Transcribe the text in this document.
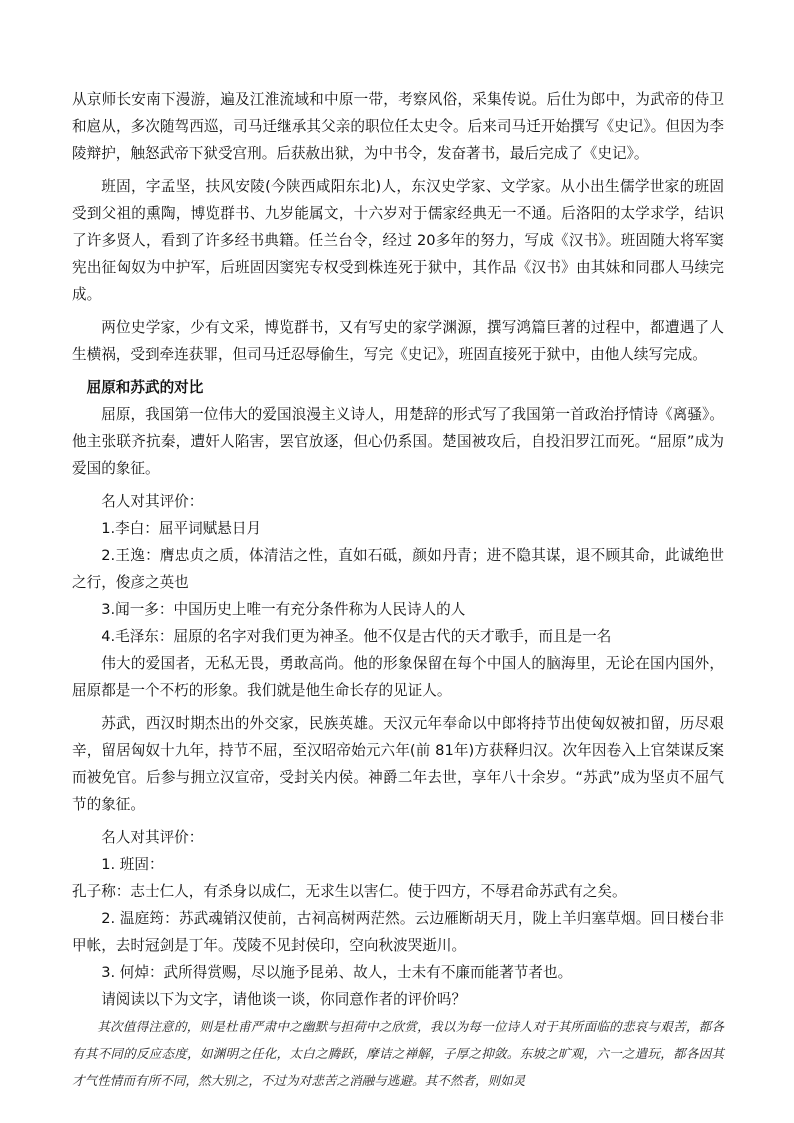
从京师长安南下漫游，遍及江淮流域和中原一带，考察风俗，采集传说。后仕为郎中，为武帝的侍卫和扈从，多次随驾西巡，司马迁继承其父亲的职位任太史令。后来司马迁开始撰写《史记》。但因为李陵辩护，触怒武帝下狱受宫刑。后获赦出狱，为中书令，发奋著书，最后完成了《史记》。

班固，字孟坚，扶风安陵(今陕西咸阳东北)人，东汉史学家、文学家。从小出生儒学世家的班固受到父祖的熏陶，博览群书、九岁能属文，十六岁对于儒家经典无一不通。后洛阳的太学求学，结识了许多贤人，看到了许多经书典籍。任兰台令，经过 20多年的努力，写成《汉书》。班固随大将军窦宪出征匈奴为中护军，后班固因窦宪专权受到株连死于狱中，其作品《汉书》由其妹和同郡人马续完成。

两位史学家，少有文采，博览群书，又有写史的家学渊源，撰写鸿篇巨著的过程中，都遭遇了人生横祸，受到牵连获罪，但司马迁忍辱偷生，写完《史记》，班固直接死于狱中，由他人续写完成。

屈原和苏武的对比

屈原，我国第一位伟大的爱国浪漫主义诗人，用楚辞的形式写了我国第一首政治抒情诗《离骚》。他主张联齐抗秦，遭奸人陷害，罢官放逐，但心仍系国。楚国被攻后，自投汨罗江而死。“屈原”成为爱国的象征。

名人对其评价：

1.李白：屈平词赋悬日月

2.王逸：膺忠贞之质，体清洁之性，直如石砥，颜如丹青；进不隐其谋，退不顾其命，此诚绝世之行，俊彦之英也

3.闻一多：中国历史上唯一有充分条件称为人民诗人的人

4.毛泽东：屈原的名字对我们更为神圣。他不仅是古代的天才歌手，而且是一名

伟大的爱国者，无私无畏，勇敢高尚。他的形象保留在每个中国人的脑海里，无论在国内国外，屈原都是一个不朽的形象。我们就是他生命长存的见证人。

苏武，西汉时期杰出的外交家，民族英雄。天汉元年奉命以中郎将持节出使匈奴被扣留，历尽艰辛，留居匈奴十九年，持节不屈，至汉昭帝始元六年(前 81年)方获释归汉。次年因卷入上官桀谋反案而被免官。后参与拥立汉宣帝，受封关内侯。神爵二年去世，享年八十余岁。“苏武”成为坚贞不屈气节的象征。

名人对其评价：

1. 班固：

孔子称：志士仁人，有杀身以成仁，无求生以害仁。使于四方，不辱君命苏武有之矣。

2. 温庭筠：苏武魂销汉使前，古祠高树两茫然。云边雁断胡天月，陇上羊归塞草烟。回日楼台非甲帐，去时冠剑是丁年。茂陵不见封侯印，空向秋波哭逝川。

3. 何焯：武所得赏赐，尽以施予昆弟、故人，士未有不廉而能著节者也。

请阅读以下为文字，请他谈一谈，你同意作者的评价吗？

其次值得注意的，则是杜甫严肃中之幽默与担荷中之欣赏，我以为每一位诗人对于其所面临的悲哀与艰苦，都各有其不同的反应态度，如渊明之任化，太白之腾跃，摩诘之禅解，子厚之抑敛。东坡之旷观，六一之遣玩，都各因其才气性情而有所不同，然大别之，不过为对悲苦之消融与逃避。其不然者，则如灵
